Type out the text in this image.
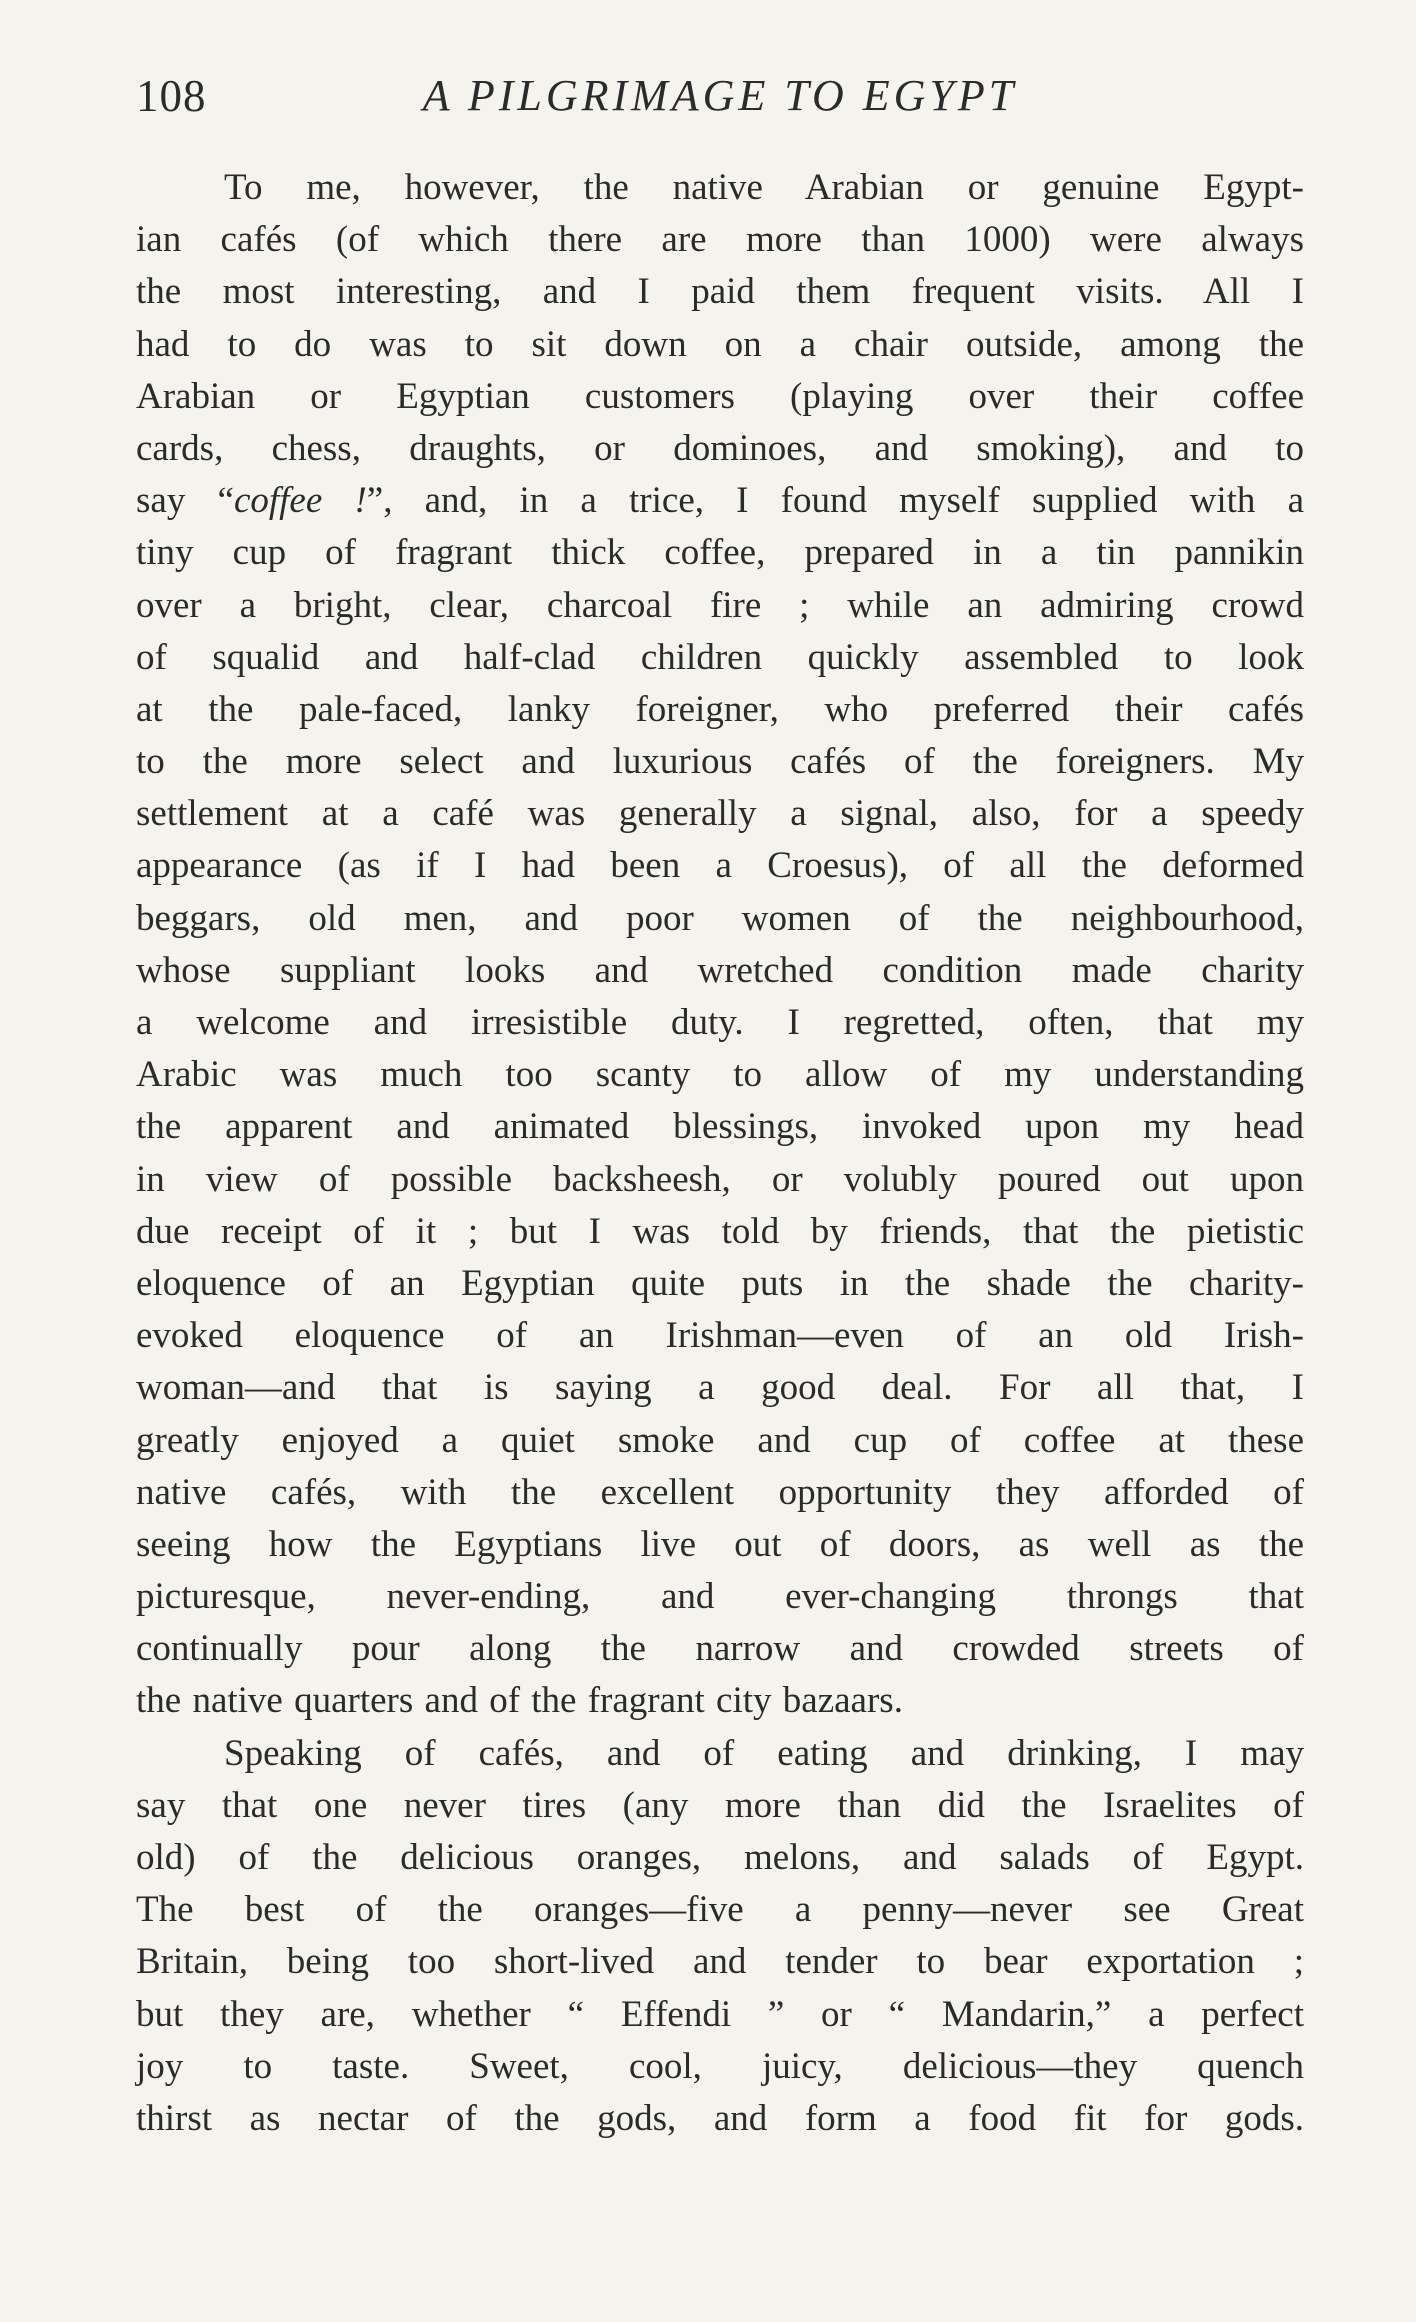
108	A PILGRIMAGE TO EGYPT
To me, however, the native Arabian or genuine Egypt-
ian cafés (of which there are more than 1000) were always
the most interesting, and I paid them frequent visits. All I
had to do was to sit down on a chair outside, among the
Arabian or Egyptian customers (playing over their coffee
cards, chess, draughts, or dominoes, and smoking), and to
say “coffee !”, and, in a trice, I found myself supplied with a
tiny cup of fragrant thick coffee, prepared in a tin pannikin
over a bright, clear, charcoal fire ; while an admiring crowd
of squalid and half-clad children quickly assembled to look
at the pale-faced, lanky foreigner, who preferred their cafés
to the more select and luxurious cafés of the foreigners. My
settlement at a café was generally a signal, also, for a speedy
appearance (as if I had been a Croesus), of all the deformed
beggars, old men, and poor women of the neighbourhood,
whose suppliant looks and wretched condition made charity
a welcome and irresistible duty. I regretted, often, that my
Arabic was much too scanty to allow of my understanding
the apparent and animated blessings, invoked upon my head
in view of possible backsheesh, or volubly poured out upon
due receipt of it ; but I was told by friends, that the pietistic
eloquence of an Egyptian quite puts in the shade the charity-
evoked eloquence of an Irishman—even of an old Irish-
woman—and that is saying a good deal. For all that, I
greatly enjoyed a quiet smoke and cup of coffee at these
native cafés, with the excellent opportunity they afforded of
seeing how the Egyptians live out of doors, as well as the
picturesque, never-ending, and ever-changing throngs that
continually pour along the narrow and crowded streets of
the native quarters and of the fragrant city bazaars.
Speaking of cafés, and of eating and drinking, I may
say that one never tires (any more than did the Israelites of
old) of the delicious oranges, melons, and salads of Egypt.
The best of the oranges—five a penny—never see Great
Britain, being too short-lived and tender to bear exportation ;
but they are, whether “ Effendi ” or “ Mandarin,” a perfect
joy to taste. Sweet, cool, juicy, delicious—they quench
thirst as nectar of the gods, and form a food fit for gods.
